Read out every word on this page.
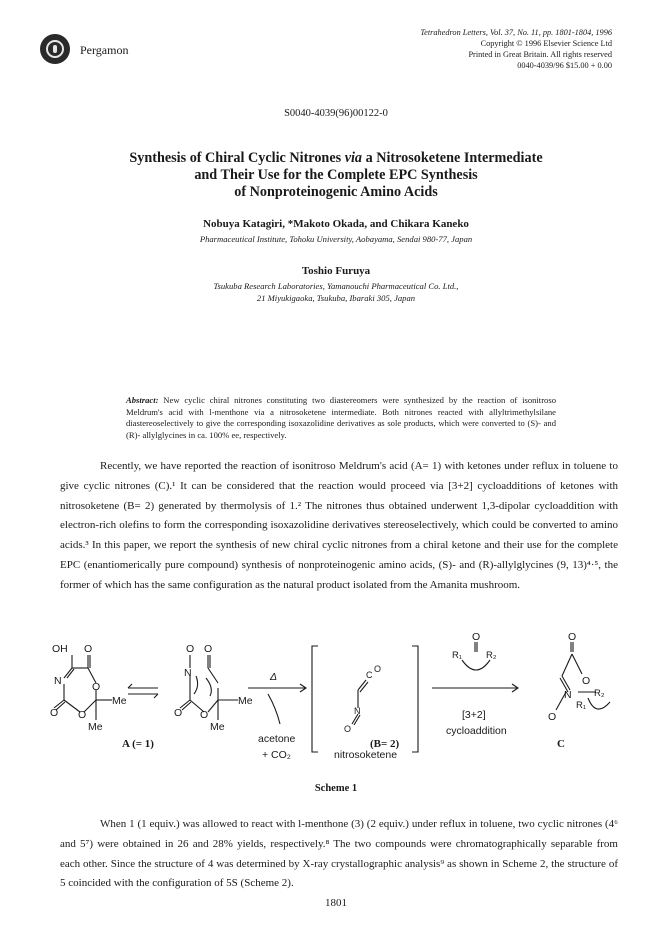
Pergamon
Tetrahedron Letters, Vol. 37, No. 11, pp. 1801-1804, 1996
Copyright © 1996 Elsevier Science Ltd
Printed in Great Britain. All rights reserved
0040-4039/96 $15.00 + 0.00
S0040-4039(96)00122-0
Synthesis of Chiral Cyclic Nitrones via a Nitrosoketene Intermediate
and Their Use for the Complete EPC Synthesis
of Nonproteinogenic Amino Acids
Nobuya Katagiri, *Makoto Okada, and Chikara Kaneko
Pharmaceutical Institute, Tohoku University, Aobayama, Sendai 980-77, Japan
Toshio Furuya
Tsukuba Research Laboratories, Yamanouchi Pharmaceutical Co. Ltd.,
21 Miyukigaoka, Tsukuba, Ibaraki 305, Japan
Abstract: New cyclic chiral nitrones constituting two diastereomers were synthesized by the reaction of isonitroso Meldrum's acid with l-menthone via a nitrosoketene intermediate. Both nitrones reacted with allyltrimethylsilane diastereoselectively to give the corresponding isoxazolidine derivatives as sole products, which were converted to (S)- and (R)- allylglycines in ca. 100% ee, respectively.
Recently, we have reported the reaction of isonitroso Meldrum's acid (A= 1) with ketones under reflux in toluene to give cyclic nitrones (C).¹ It can be considered that the reaction would proceed via [3+2] cycloadditions of ketones with nitrosoketene (B= 2) generated by thermolysis of 1.² The nitrones thus obtained underwent 1,3-dipolar cycloaddition with electron-rich olefins to form the corresponding isoxazolidine derivatives stereoselectively, which could be converted to amino acids.³ In this paper, we report the synthesis of new chiral cyclic nitrones from a chiral ketone and their use for the complete EPC (enantiomerically pure compound) synthesis of nonproteinogenic amino acids, (S)- and (R)-allylglycines (9, 13)⁴·⁵, the former of which has the same configuration as the natural product isolated from the Amanita mushroom.
OH O
N	O
O O
Me
Me
O O
N
O O
Me
Me
Δ
acetone
+ CO₂
C
O
N
O
nitrosoketene
O
R₁	R₂
[3+2]
cycloaddition
O
O
N
O
R₂
R₁
A (= 1)	(B= 2)	C
Scheme 1
When 1 (1 equiv.) was allowed to react with l-menthone (3) (2 equiv.) under reflux in toluene, two cyclic nitrones (4⁶ and 5⁷) were obtained in 26 and 28% yields, respectively.⁸ The two compounds were chromatographically separable from each other. Since the structure of 4 was determined by X-ray crystallographic analysis⁹ as shown in Scheme 2, the structure of 5 coincided with the configuration of 5S (Scheme 2).
1801
